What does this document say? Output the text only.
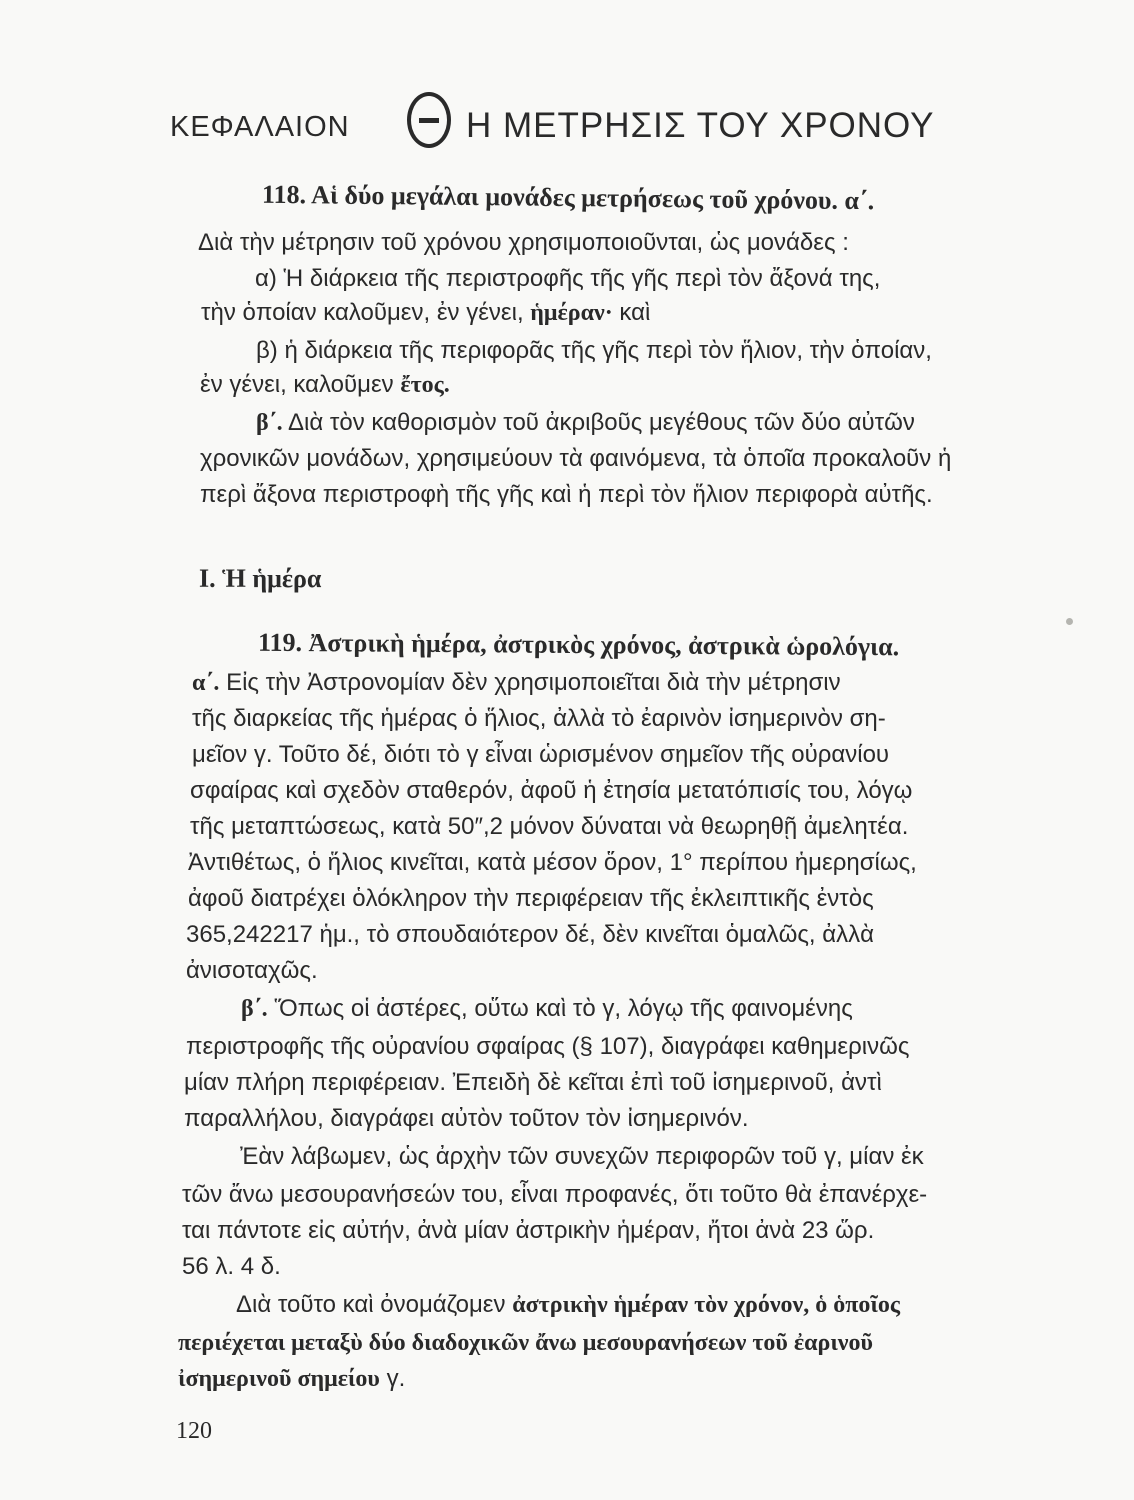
ΚΕΦΑΛΑΙΟΝ	Η ΜΕΤΡΗΣΙΣ ΤΟΥ ΧΡΟΝΟΥ
118. Αἱ δύο μεγάλαι μονάδες μετρήσεως τοῦ χρόνου. α΄.
Διὰ τὴν μέτρησιν τοῦ χρόνου χρησιμοποιοῦνται, ὡς μονάδες :
α) Ἡ διάρκεια τῆς περιστροφῆς τῆς γῆς περὶ τὸν ἄξονά της,
τὴν ὁποίαν καλοῦμεν, ἐν γένει, ἡμέραν· καὶ
β) ἡ διάρκεια τῆς περιφορᾶς τῆς γῆς περὶ τὸν ἥλιον, τὴν ὁποίαν,
ἐν γένει, καλοῦμεν ἔτος.
β΄. Διὰ τὸν καθορισμὸν τοῦ ἀκριβοῦς μεγέθους τῶν δύο αὐτῶν
χρονικῶν μονάδων, χρησιμεύουν τὰ φαινόμενα, τὰ ὁποῖα προκαλοῦν ἡ
περὶ ἄξονα περιστροφὴ τῆς γῆς καὶ ἡ περὶ τὸν ἥλιον περιφορὰ αὐτῆς.
Ι. Ἡ ἡμέρα
119. Ἀστρικὴ ἡμέρα, ἀστρικὸς χρόνος, ἀστρικὰ ὡρολόγια.
α΄. Εἰς τὴν Ἀστρονομίαν δὲν χρησιμοποιεῖται διὰ τὴν μέτρησιν
τῆς διαρκείας τῆς ἡμέρας ὁ ἥλιος, ἀλλὰ τὸ ἐαρινὸν ἰσημερινὸν ση-
μεῖον γ. Τοῦτο δέ, διότι τὸ γ εἶναι ὡρισμένον σημεῖον τῆς οὐρανίου
σφαίρας καὶ σχεδὸν σταθερόν, ἀφοῦ ἡ ἐτησία μετατόπισίς του, λόγῳ
τῆς μεταπτώσεως, κατὰ 50″,2 μόνον δύναται νὰ θεωρηθῇ ἀμελητέα.
Ἀντιθέτως, ὁ ἥλιος κινεῖται, κατὰ μέσον ὅρον, 1° περίπου ἡμερησίως,
ἀφοῦ διατρέχει ὁλόκληρον τὴν περιφέρειαν τῆς ἐκλειπτικῆς ἐντὸς
365,242217 ἡμ., τὸ σπουδαιότερον δέ, δὲν κινεῖται ὁμαλῶς, ἀλλὰ
ἀνισοταχῶς.
β΄. Ὅπως οἱ ἀστέρες, οὕτω καὶ τὸ γ, λόγῳ τῆς φαινομένης
περιστροφῆς τῆς οὐρανίου σφαίρας (§ 107), διαγράφει καθημερινῶς
μίαν πλήρη περιφέρειαν. Ἐπειδὴ δὲ κεῖται ἐπὶ τοῦ ἰσημερινοῦ, ἀντὶ
παραλλήλου, διαγράφει αὐτὸν τοῦτον τὸν ἰσημερινόν.
Ἐὰν λάβωμεν, ὡς ἀρχὴν τῶν συνεχῶν περιφορῶν τοῦ γ, μίαν ἐκ
τῶν ἄνω μεσουρανήσεών του, εἶναι προφανές, ὅτι τοῦτο θὰ ἐπανέρχε-
ται πάντοτε εἰς αὐτήν, ἀνὰ μίαν ἀστρικὴν ἡμέραν, ἤτοι ἀνὰ 23 ὥρ.
56 λ. 4 δ.
Διὰ τοῦτο καὶ ὀνομάζομεν ἀστρικὴν ἡμέραν τὸν χρόνον, ὁ ὁποῖος
περιέχεται μεταξὺ δύο διαδοχικῶν ἄνω μεσουρανήσεων τοῦ ἐαρινοῦ
ἰσημερινοῦ σημείου γ.
120
